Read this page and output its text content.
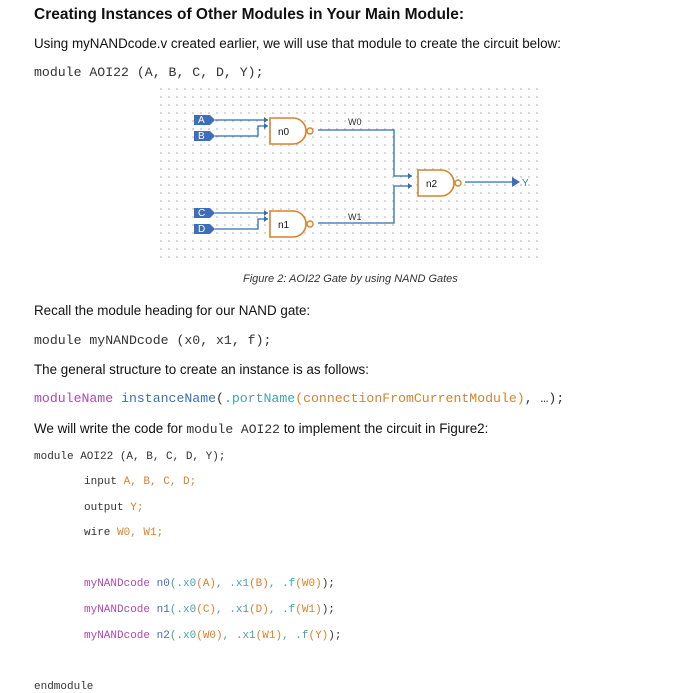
Creating Instances of Other Modules in Your Main Module:
Using myNANDcode.v created earlier, we will use that module to create the circuit below:
module AOI22 (A, B, C, D, Y);
A
B
C
D
n0
n1
n2
W0
W1
Y
Figure 2: AOI22 Gate by using NAND Gates
Recall the module heading for our NAND gate:
module myNANDcode (x0, x1, f);
The general structure to create an instance is as follows:
moduleName instanceName(.portName(connectionFromCurrentModule), …);
We will write the code for module AOI22 to implement the circuit in Figure2:
module AOI22 (A, B, C, D, Y);
input A, B, C, D;
output Y;
wire W0, W1;
myNANDcode n0(.x0(A), .x1(B), .f(W0));
myNANDcode n1(.x0(C), .x1(D), .f(W1));
myNANDcode n2(.x0(W0), .x1(W1), .f(Y));
endmodule
